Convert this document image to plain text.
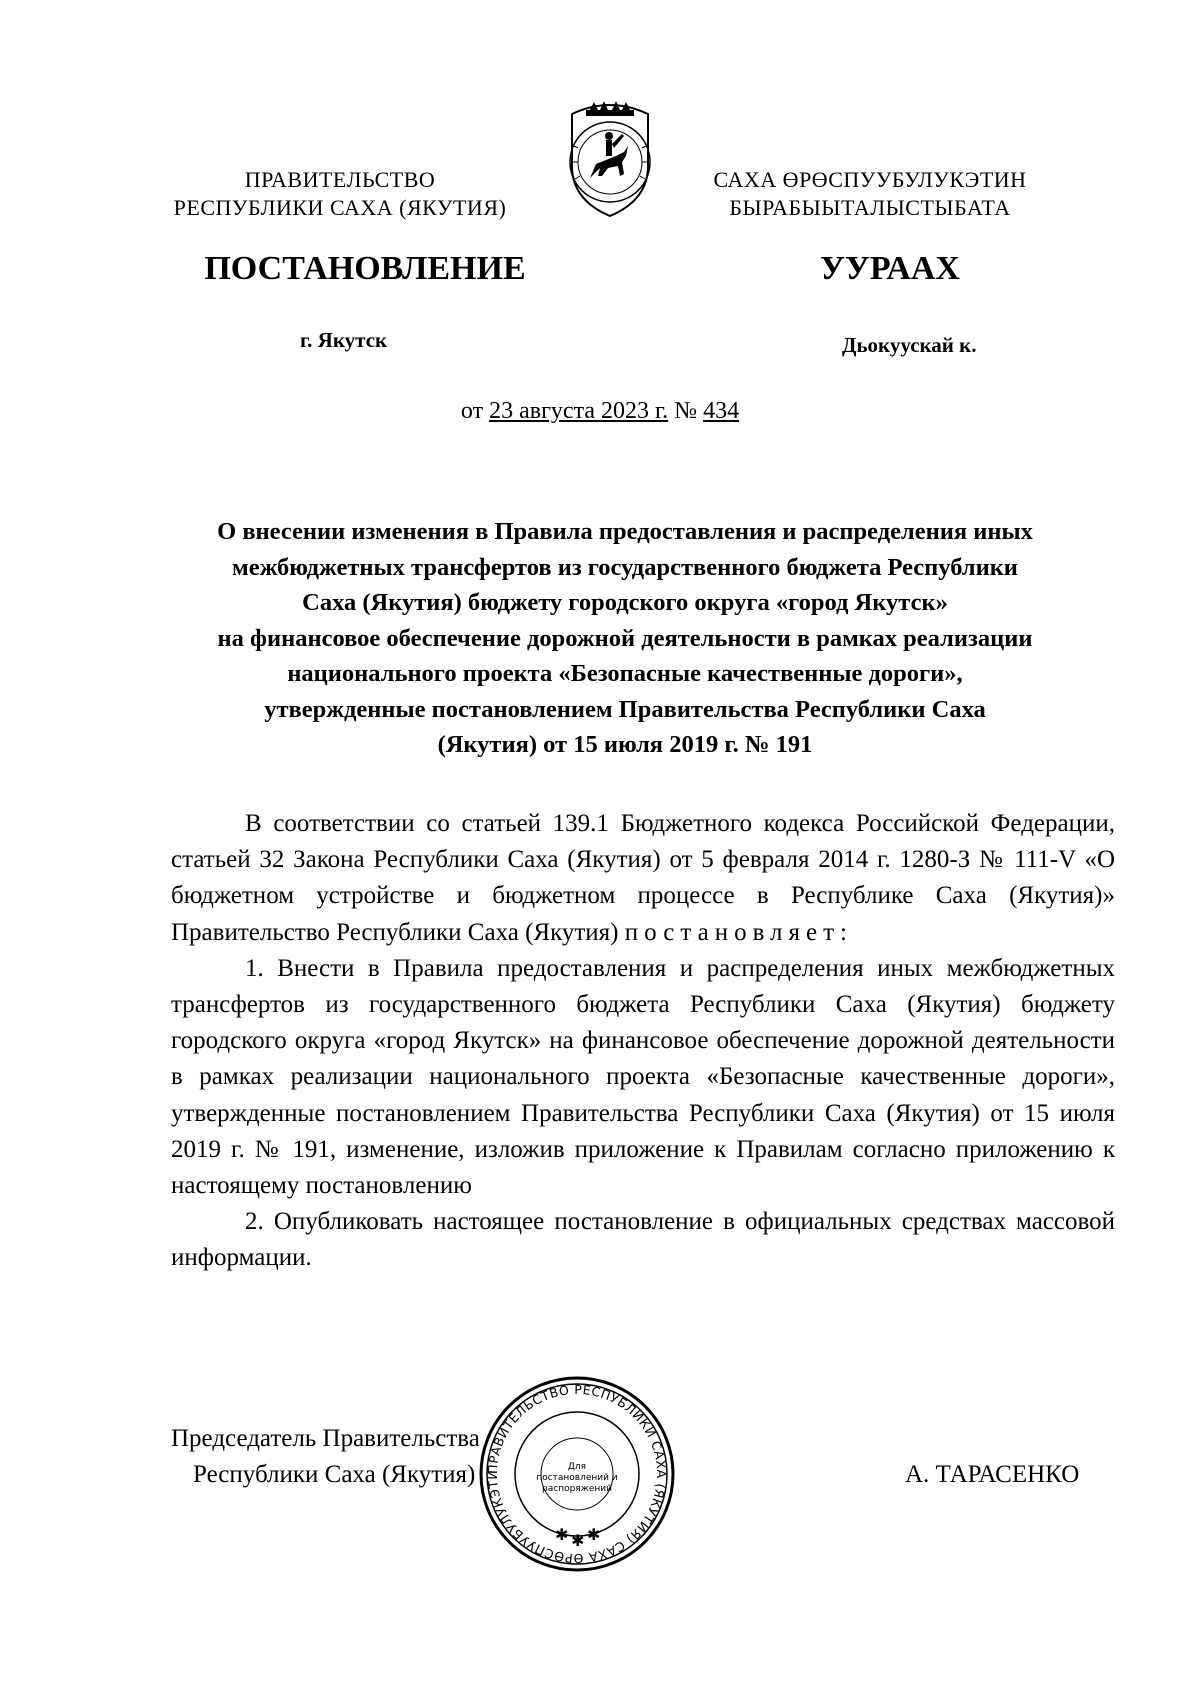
ПРАВИТЕЛЬСТВО
РЕСПУБЛИКИ САХА (ЯКУТИЯ)
САХА ӨРӨСПУУБУЛУКЭТИН
БЫРАБЫЫТАЛЫСТЫБАТА
ПОСТАНОВЛЕНИЕ	УУРААХ
г. Якутск	Дьокуускай к.
от 23 августа 2023 г. № 434
О внесении изменения в Правила предоставления и распределения иных
межбюджетных трансфертов из государственного бюджета Республики
Саха (Якутия) бюджету городского округа «город Якутск»
на финансовое обеспечение дорожной деятельности в рамках реализации
национального проекта «Безопасные качественные дороги»,
утвержденные постановлением Правительства Республики Саха
(Якутия) от 15 июля 2019 г. № 191

В соответствии со статьей 139.1 Бюджетного кодекса Российской Федерации, статьей 32 Закона Республики Саха (Якутия) от 5 февраля 2014 г. 1280-З № 111-V «О бюджетном устройстве и бюджетном процессе в Республике Саха (Якутия)» Правительство Республики Саха (Якутия) постановляет:

1. Внести в Правила предоставления и распределения иных межбюджетных трансфертов из государственного бюджета Республики Саха (Якутия) бюджету городского округа «город Якутск» на финансовое обеспечение дорожной деятельности в рамках реализации национального проекта «Безопасные качественные дороги», утвержденные постановлением Правительства Республики Саха (Якутия) от 15 июля 2019 г. № 191, изменение, изложив приложение к Правилам согласно приложению к настоящему постановлению

2. Опубликовать настоящее постановление в официальных средствах массовой информации.

Председатель Правительства
Республики Саха (Якутия)	А. ТАРАСЕНКО
ПРАВИТЕЛЬСТВО РЕСПУБЛИКИ САХА (ЯКУТИЯ) САХА ӨРӨСПУУБУЛУКЭТИ
Для
постановлений и
распоряжений
✱ ✱ ✱
